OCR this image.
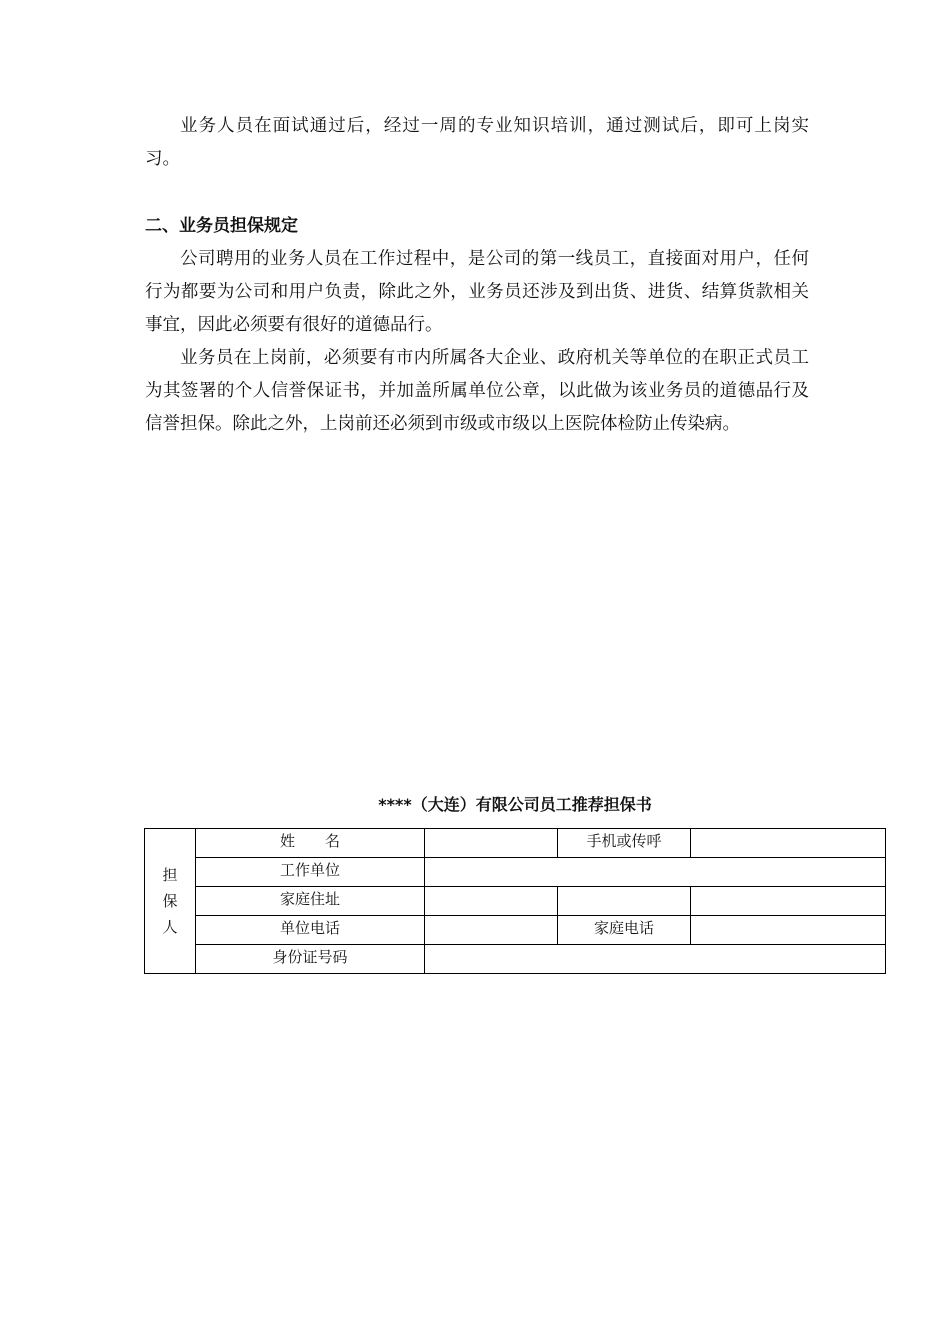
业务人员在面试通过后，经过一周的专业知识培训，通过测试后，即可上岗实习。

二、业务员担保规定

公司聘用的业务人员在工作过程中，是公司的第一线员工，直接面对用户，任何行为都要为公司和用户负责，除此之外，业务员还涉及到出货、进货、结算货款相关事宜，因此必须要有很好的道德品行。

业务员在上岗前，必须要有市内所属各大企业、政府机关等单位的在职正式员工为其签署的个人信誉保证书，并加盖所属单位公章，以此做为该业务员的道德品行及信誉担保。除此之外，上岗前还必须到市级或市级以上医院体检防止传染病。

****（大连）有限公司员工推荐担保书
担保人	姓　　名		手机或传呼	
	工作单位			
	家庭住址			
	单位电话		家庭电话	
	身份证号码			
